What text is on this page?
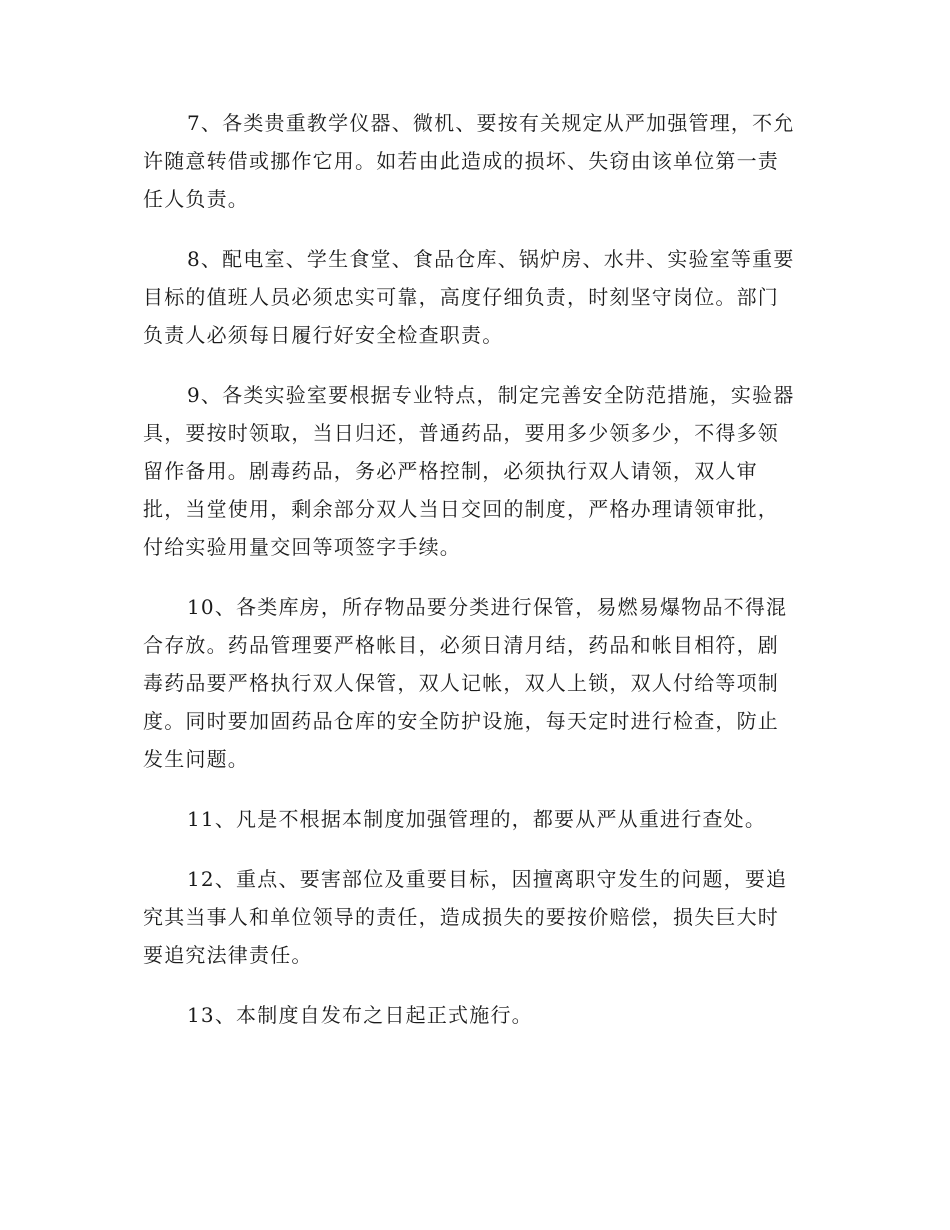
7、各类贵重教学仪器、微机、要按有关规定从严加强管理，不允
许随意转借或挪作它用。如若由此造成的损坏、失窃由该单位第一责
任人负责。

8、配电室、学生食堂、食品仓库、锅炉房、水井、实验室等重要
目标的值班人员必须忠实可靠，高度仔细负责，时刻坚守岗位。部门
负责人必须每日履行好安全检查职责。

9、各类实验室要根据专业特点，制定完善安全防范措施，实验器
具，要按时领取，当日归还，普通药品，要用多少领多少，不得多领
留作备用。剧毒药品，务必严格控制，必须执行双人请领，双人审
批，当堂使用，剩余部分双人当日交回的制度，严格办理请领审批，
付给实验用量交回等项签字手续。

10、各类库房，所存物品要分类进行保管，易燃易爆物品不得混
合存放。药品管理要严格帐目，必须日清月结，药品和帐目相符，剧
毒药品要严格执行双人保管，双人记帐，双人上锁，双人付给等项制
度。同时要加固药品仓库的安全防护设施，每天定时进行检查，防止
发生问题。

11、凡是不根据本制度加强管理的，都要从严从重进行查处。

12、重点、要害部位及重要目标，因擅离职守发生的问题，要追
究其当事人和单位领导的责任，造成损失的要按价赔偿，损失巨大时
要追究法律责任。

13、本制度自发布之日起正式施行。
